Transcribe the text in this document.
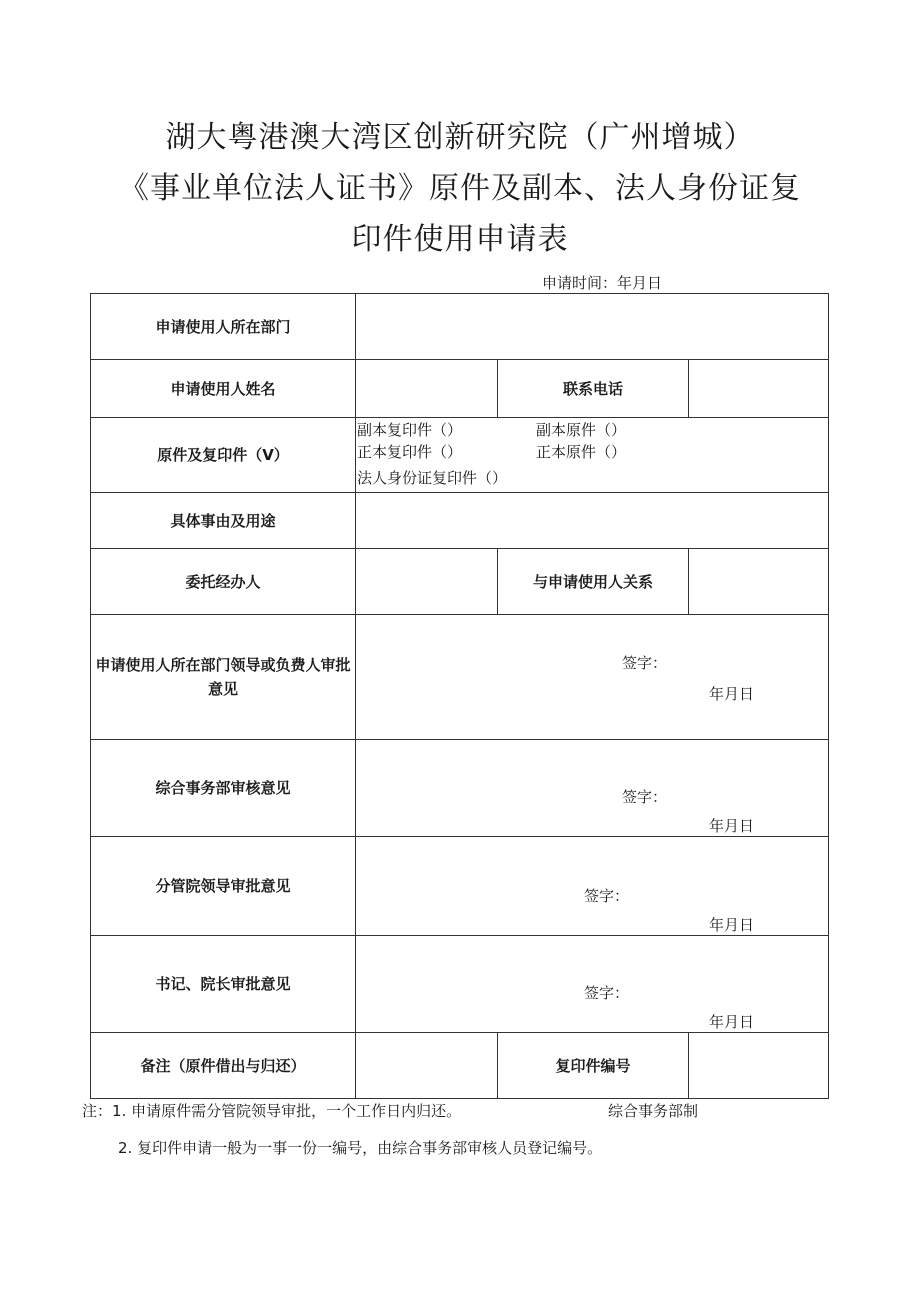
湖大粤港澳大湾区创新研究院（广州增城）
《事业单位法人证书》原件及副本、法人身份证复
印件使用申请表
申请时间：年月日
申请使用人所在部门
申请使用人姓名	联系电话
原件及复印件（V）
副本复印件（）	副本原件（）
正本复印件（）	正本原件（）
法人身份证复印件（）
具体事由及用途
委托经办人	与申请使用人关系
申请使用人所在部门领导或负费人审批意见
签字：
年月日
综合事务部审核意见	签字：
年月日
分管院领导审批意见
签字：
年月日
书记、院长审批意见	签字：
年月日
备注（原件借出与归还）	复印件编号
注：1. 申请原件需分管院领导审批，一个工作日内归还。	综合事务部制
2. 复印件申请一般为一事一份一编号，由综合事务部审核人员登记编号。
